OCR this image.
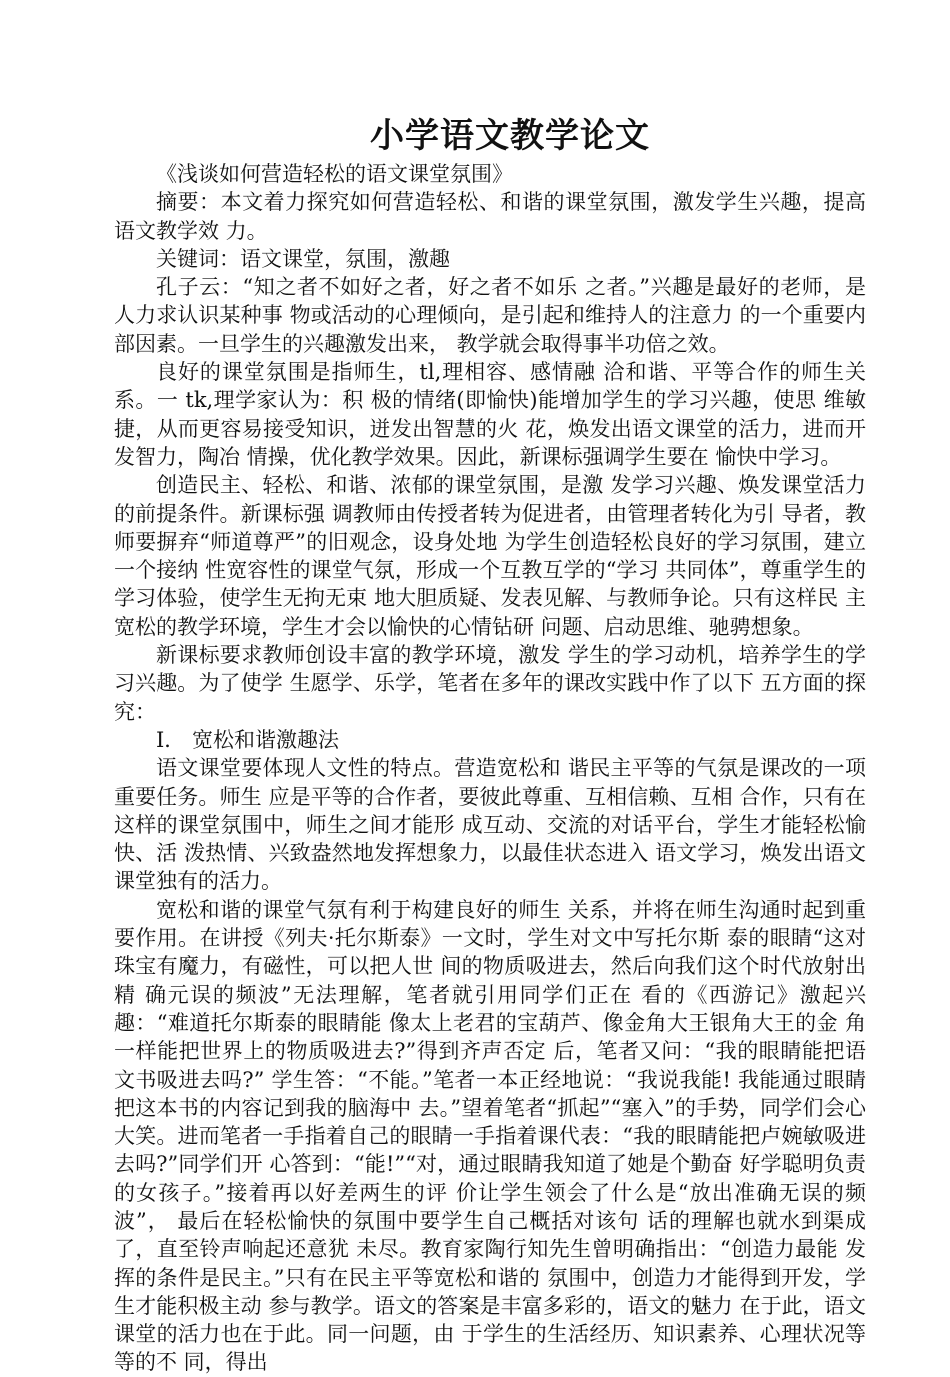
小学语文教学论文

《浅谈如何营造轻松的语文课堂氛围》

摘要：本文着力探究如何营造轻松、和谐的课堂氛围，激发学生兴趣，提高语文教学效 力。

关键词：语文课堂，氛围，激趣

孔子云：“知之者不如好之者，好之者不如乐 之者。”兴趣是最好的老师，是人力求认识某种事 物或活动的心理倾向，是引起和维持人的注意力 的一个重要内部因素。一旦学生的兴趣激发出来， 教学就会取得事半功倍之效。

良好的课堂氛围是指师生，tl,理相容、感情融 洽和谐、平等合作的师生关系。一 tk,理学家认为：积 极的情绪(即愉快)能增加学生的学习兴趣，使思 维敏捷，从而更容易接受知识，迸发出智慧的火 花，焕发出语文课堂的活力，进而开发智力，陶冶 情操，优化教学效果。因此，新课标强调学生要在 愉快中学习。

创造民主、轻松、和谐、浓郁的课堂氛围，是激 发学习兴趣、焕发课堂活力的前提条件。新课标强 调教师由传授者转为促进者，由管理者转化为引 导者，教师要摒弃“师道尊严”的旧观念，设身处地 为学生创造轻松良好的学习氛围，建立一个接纳 性宽容性的课堂气氛，形成一个互教互学的“学习 共同体”，尊重学生的学习体验，使学生无拘无束 地大胆质疑、发表见解、与教师争论。只有这样民 主宽松的教学环境，学生才会以愉快的心情钻研 问题、启动思维、驰骋想象。

新课标要求教师创设丰富的教学环境，激发 学生的学习动机，培养学生的学习兴趣。为了使学 生愿学、乐学，笔者在多年的课改实践中作了以下 五方面的探究：

I． 宽松和谐激趣法

语文课堂要体现人文性的特点。营造宽松和 谐民主平等的气氛是课改的一项重要任务。师生 应是平等的合作者，要彼此尊重、互相信赖、互相 合作，只有在这样的课堂氛围中，师生之间才能形 成互动、交流的对话平台，学生才能轻松愉快、活 泼热情、兴致盎然地发挥想象力，以最佳状态进入 语文学习，焕发出语文课堂独有的活力。

宽松和谐的课堂气氛有利于构建良好的师生 关系，并将在师生沟通时起到重要作用。在讲授《列夫·托尔斯泰》一文时，学生对文中写托尔斯 泰的眼睛“这对珠宝有魔力，有磁性，可以把人世 间的物质吸进去，然后向我们这个时代放射出精 确元误的频波”无法理解，笔者就引用同学们正在 看的《西游记》激起兴趣：“难道托尔斯泰的眼睛能 像太上老君的宝葫芦、像金角大王银角大王的金 角一样能把世界上的物质吸进去?”得到齐声否定 后，笔者又问：“我的眼睛能把语文书吸进去吗?” 学生答：“不能。”笔者一本正经地说：“我说我能! 我能通过眼睛把这本书的内容记到我的脑海中 去。”望着笔者“抓起”“塞入”的手势，同学们会心 大笑。进而笔者一手指着自己的眼睛一手指着课代表：“我的眼睛能把卢婉敏吸进去吗?”同学们开 心答到：“能!”“对，通过眼睛我知道了她是个勤奋 好学聪明负责的女孩子。”接着再以好差两生的评 价让学生领会了什么是“放出准确无误的频波”， 最后在轻松愉快的氛围中要学生自己概括对该句 话的理解也就水到渠成了，直至铃声响起还意犹 未尽。教育家陶行知先生曾明确指出：“创造力最能 发挥的条件是民主。”只有在民主平等宽松和谐的 氛围中，创造力才能得到开发，学生才能积极主动 参与教学。语文的答案是丰富多彩的，语文的魅力 在于此，语文课堂的活力也在于此。同一问题，由 于学生的生活经历、知识素养、心理状况等等的不 同，得出
